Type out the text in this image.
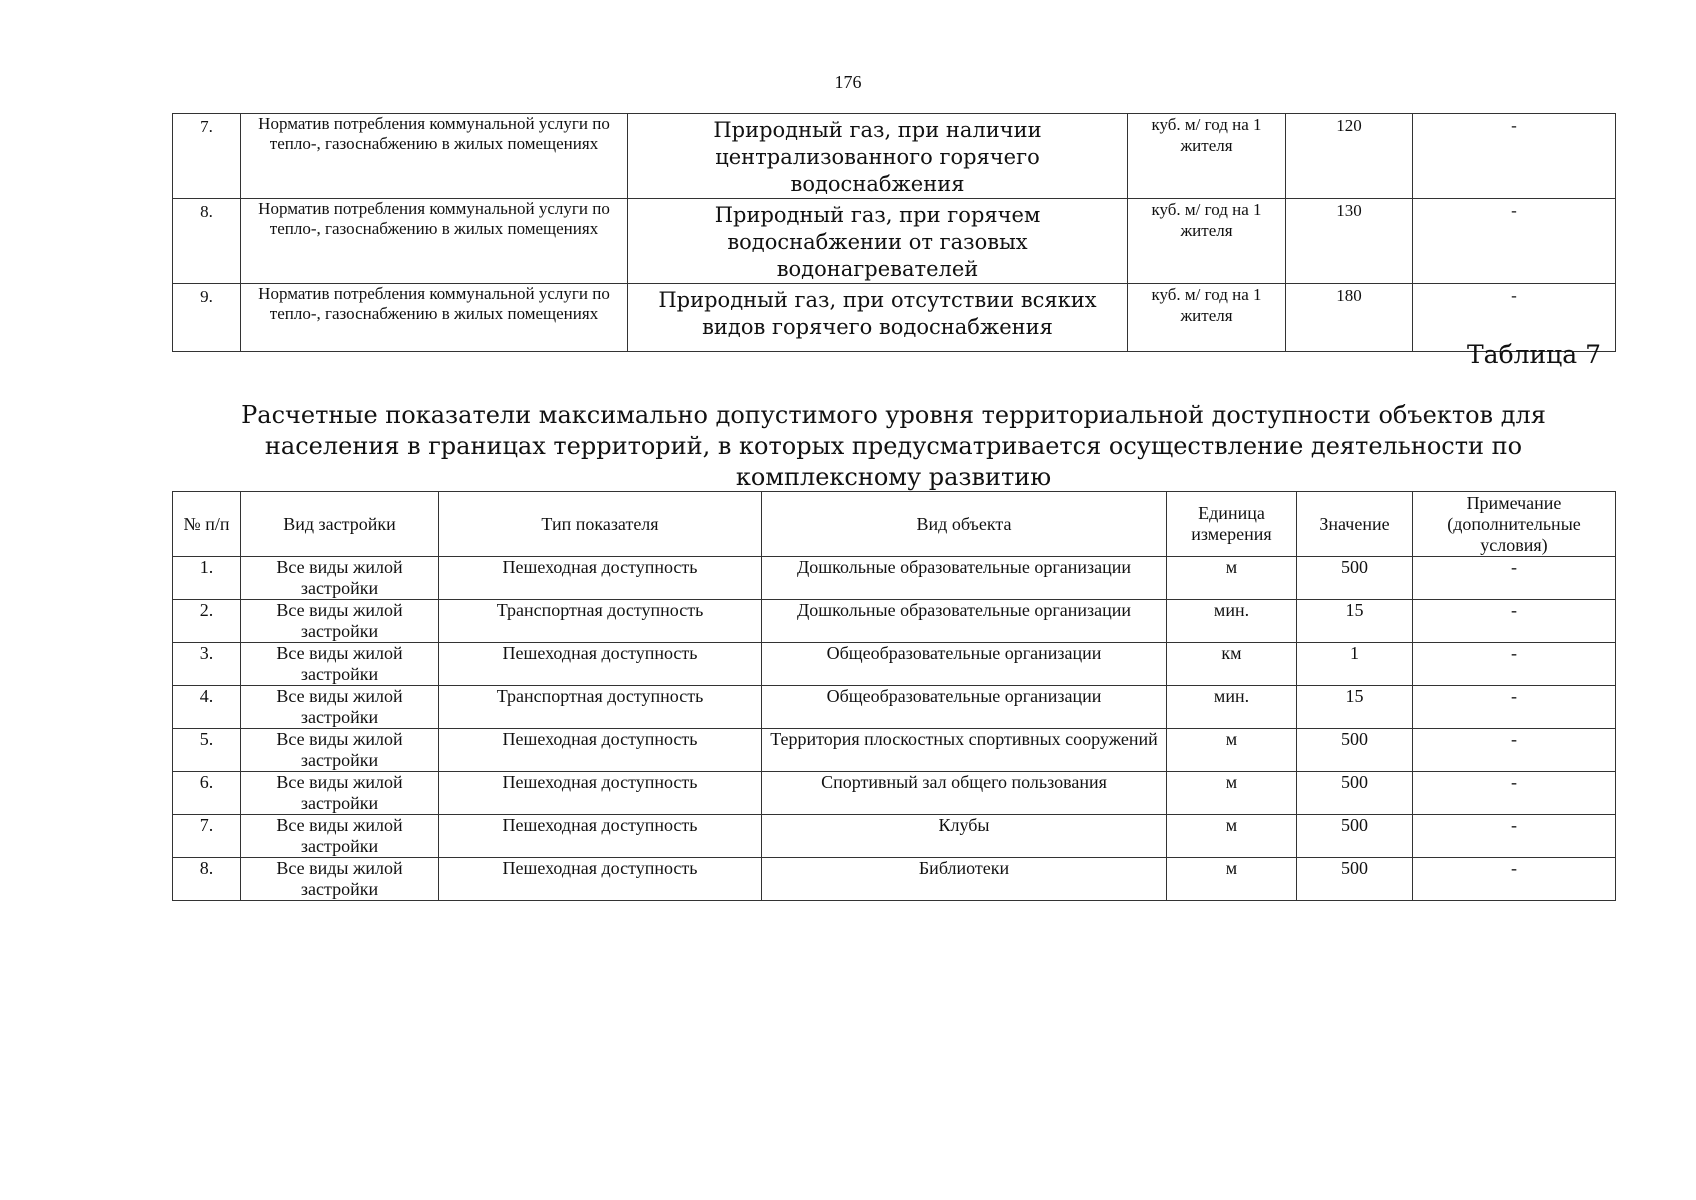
176
7.	Норматив потребления коммунальной услуги по тепло-, газоснабжению в жилых помещениях	Природный газ, при наличии централизованного горячего водоснабжения	куб. м/ год на 1 жителя	120	-
8.	Норматив потребления коммунальной услуги по тепло-, газоснабжению в жилых помещениях	Природный газ, при горячем водоснабжении от газовых водонагревателей	куб. м/ год на 1 жителя	130	-
9.	Норматив потребления коммунальной услуги по тепло-, газоснабжению в жилых помещениях	Природный газ, при отсутствии всяких видов горячего водоснабжения	куб. м/ год на 1 жителя	180	-
Таблица 7
Расчетные показатели максимально допустимого уровня территориальной доступности объектов для населения в границах территорий, в которых предусматривается осуществление деятельности по комплексному развитию
№ п/п	Вид застройки	Тип показателя	Вид объекта	Единица измерения	Значение	Примечание (дополнительные условия)
1.	Все виды жилой застройки	Пешеходная доступность	Дошкольные образовательные организации	м	500	-
2.	Все виды жилой застройки	Транспортная доступность	Дошкольные образовательные организации	мин.	15	-
3.	Все виды жилой застройки	Пешеходная доступность	Общеобразовательные организации	км	1	-
4.	Все виды жилой застройки	Транспортная доступность	Общеобразовательные организации	мин.	15	-
5.	Все виды жилой застройки	Пешеходная доступность	Территория плоскостных спортивных сооружений	м	500	-
6.	Все виды жилой застройки	Пешеходная доступность	Спортивный зал общего пользования	м	500	-
7.	Все виды жилой застройки	Пешеходная доступность	Клубы	м	500	-
8.	Все виды жилой застройки	Пешеходная доступность	Библиотеки	м	500	-
